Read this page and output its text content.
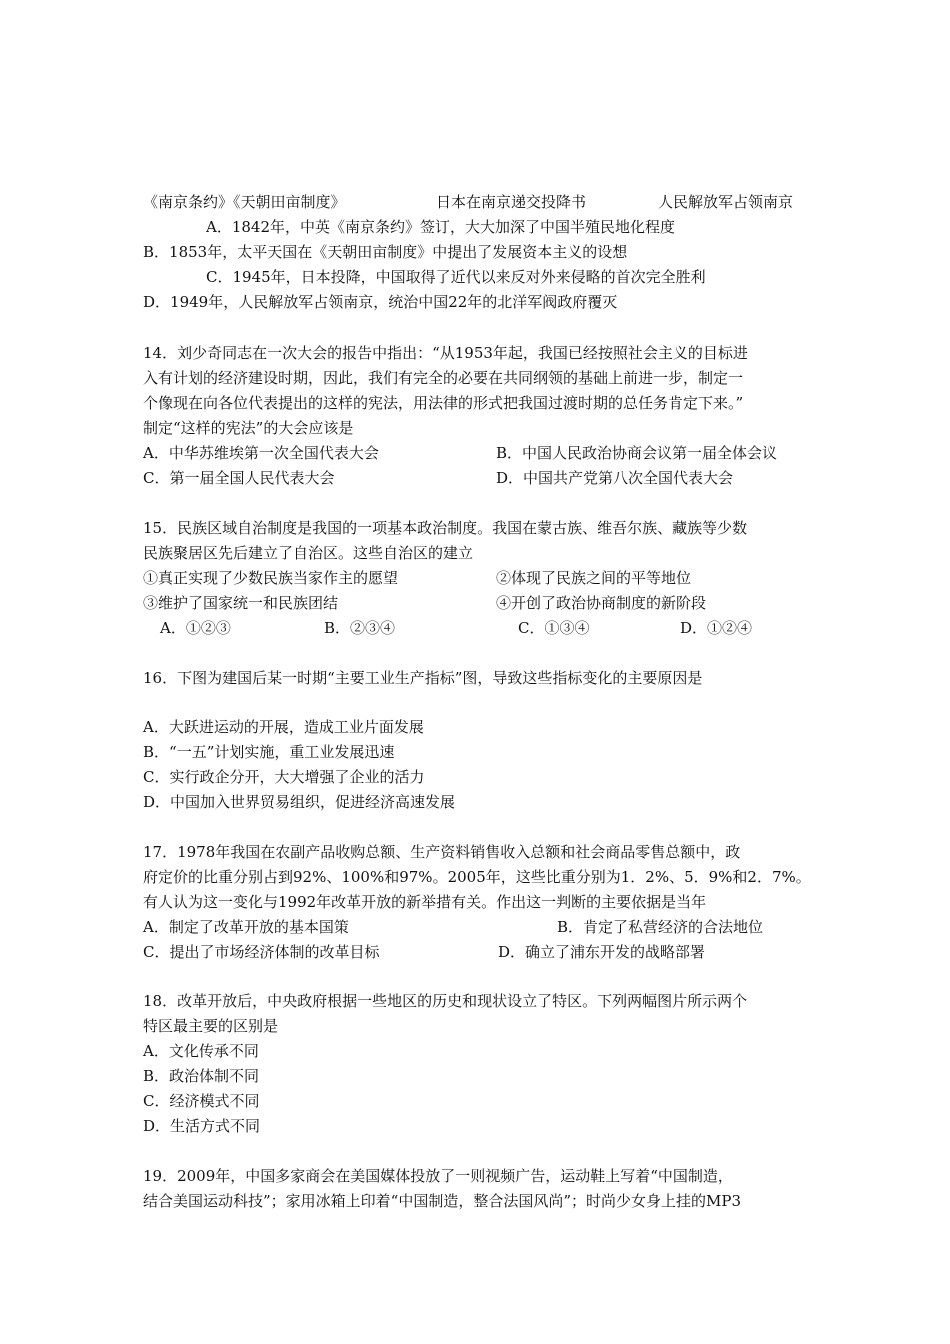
《南京条约》《天朝田亩制度》

	日本在南京递交投降书

	人民解放军占领南京

A．1842年，中英《南京条约》签订，大大加深了中国半殖民地化程度
B．1853年，太平天国在《天朝田亩制度》中提出了发展资本主义的设想
C．1945年，日本投降，中国取得了近代以来反对外来侵略的首次完全胜利
D．1949年，人民解放军占领南京，统治中国22年的北洋军阀政府覆灭
14．刘少奇同志在一次大会的报告中指出：“从1953年起，我国已经按照社会主义的目标进
入有计划的经济建设时期，因此，我们有完全的必要在共同纲领的基础上前进一步，制定一
个像现在向各位代表提出的这样的宪法，用法律的形式把我国过渡时期的总任务肯定下来。”
制定“这样的宪法”的大会应该是

A．中华苏维埃第一次全国代表大会

	B．中国人民政治协商会议第一届全体会议

C．第一届全国人民代表大会

	D．中国共产党第八次全国代表大会

15．民族区域自治制度是我国的一项基本政治制度。我国在蒙古族、维吾尔族、藏族等少数
民族聚居区先后建立了自治区。这些自治区的建立

①真正实现了少数民族当家作主的愿望

	②体现了民族之间的平等地位

③维护了国家统一和民族团结

	④开创了政治协商制度的新阶段

A．①②③

	B．②③④

	C．①③④

	D．①②④

16．下图为建国后某一时期“主要工业生产指标”图，导致这些指标变化的主要原因是
A．大跃进运动的开展，造成工业片面发展
B．“一五”计划实施，重工业发展迅速
C．实行政企分开，大大增强了企业的活力
D．中国加入世界贸易组织，促进经济高速发展
17．1978年我国在农副产品收购总额、生产资料销售收入总额和社会商品零售总额中，政
府定价的比重分别占到92%、100%和97%。2005年，这些比重分别为1．2%、5．9%和2．7%。
有人认为这一变化与1992年改革开放的新举措有关。作出这一判断的主要依据是当年

A．制定了改革开放的基本国策

	B．肯定了私营经济的合法地位

C．提出了市场经济体制的改革目标

	D．确立了浦东开发的战略部署

18．改革开放后，中央政府根据一些地区的历史和现状设立了特区。下列两幅图片所示两个
特区最主要的区别是
A．文化传承不同
B．政治体制不同
C．经济模式不同
D．生活方式不同
19．2009年，中国多家商会在美国媒体投放了一则视频广告，运动鞋上写着“中国制造，
结合美国运动科技”；家用冰箱上印着“中国制造，整合法国风尚”；时尚少女身上挂的MP3
